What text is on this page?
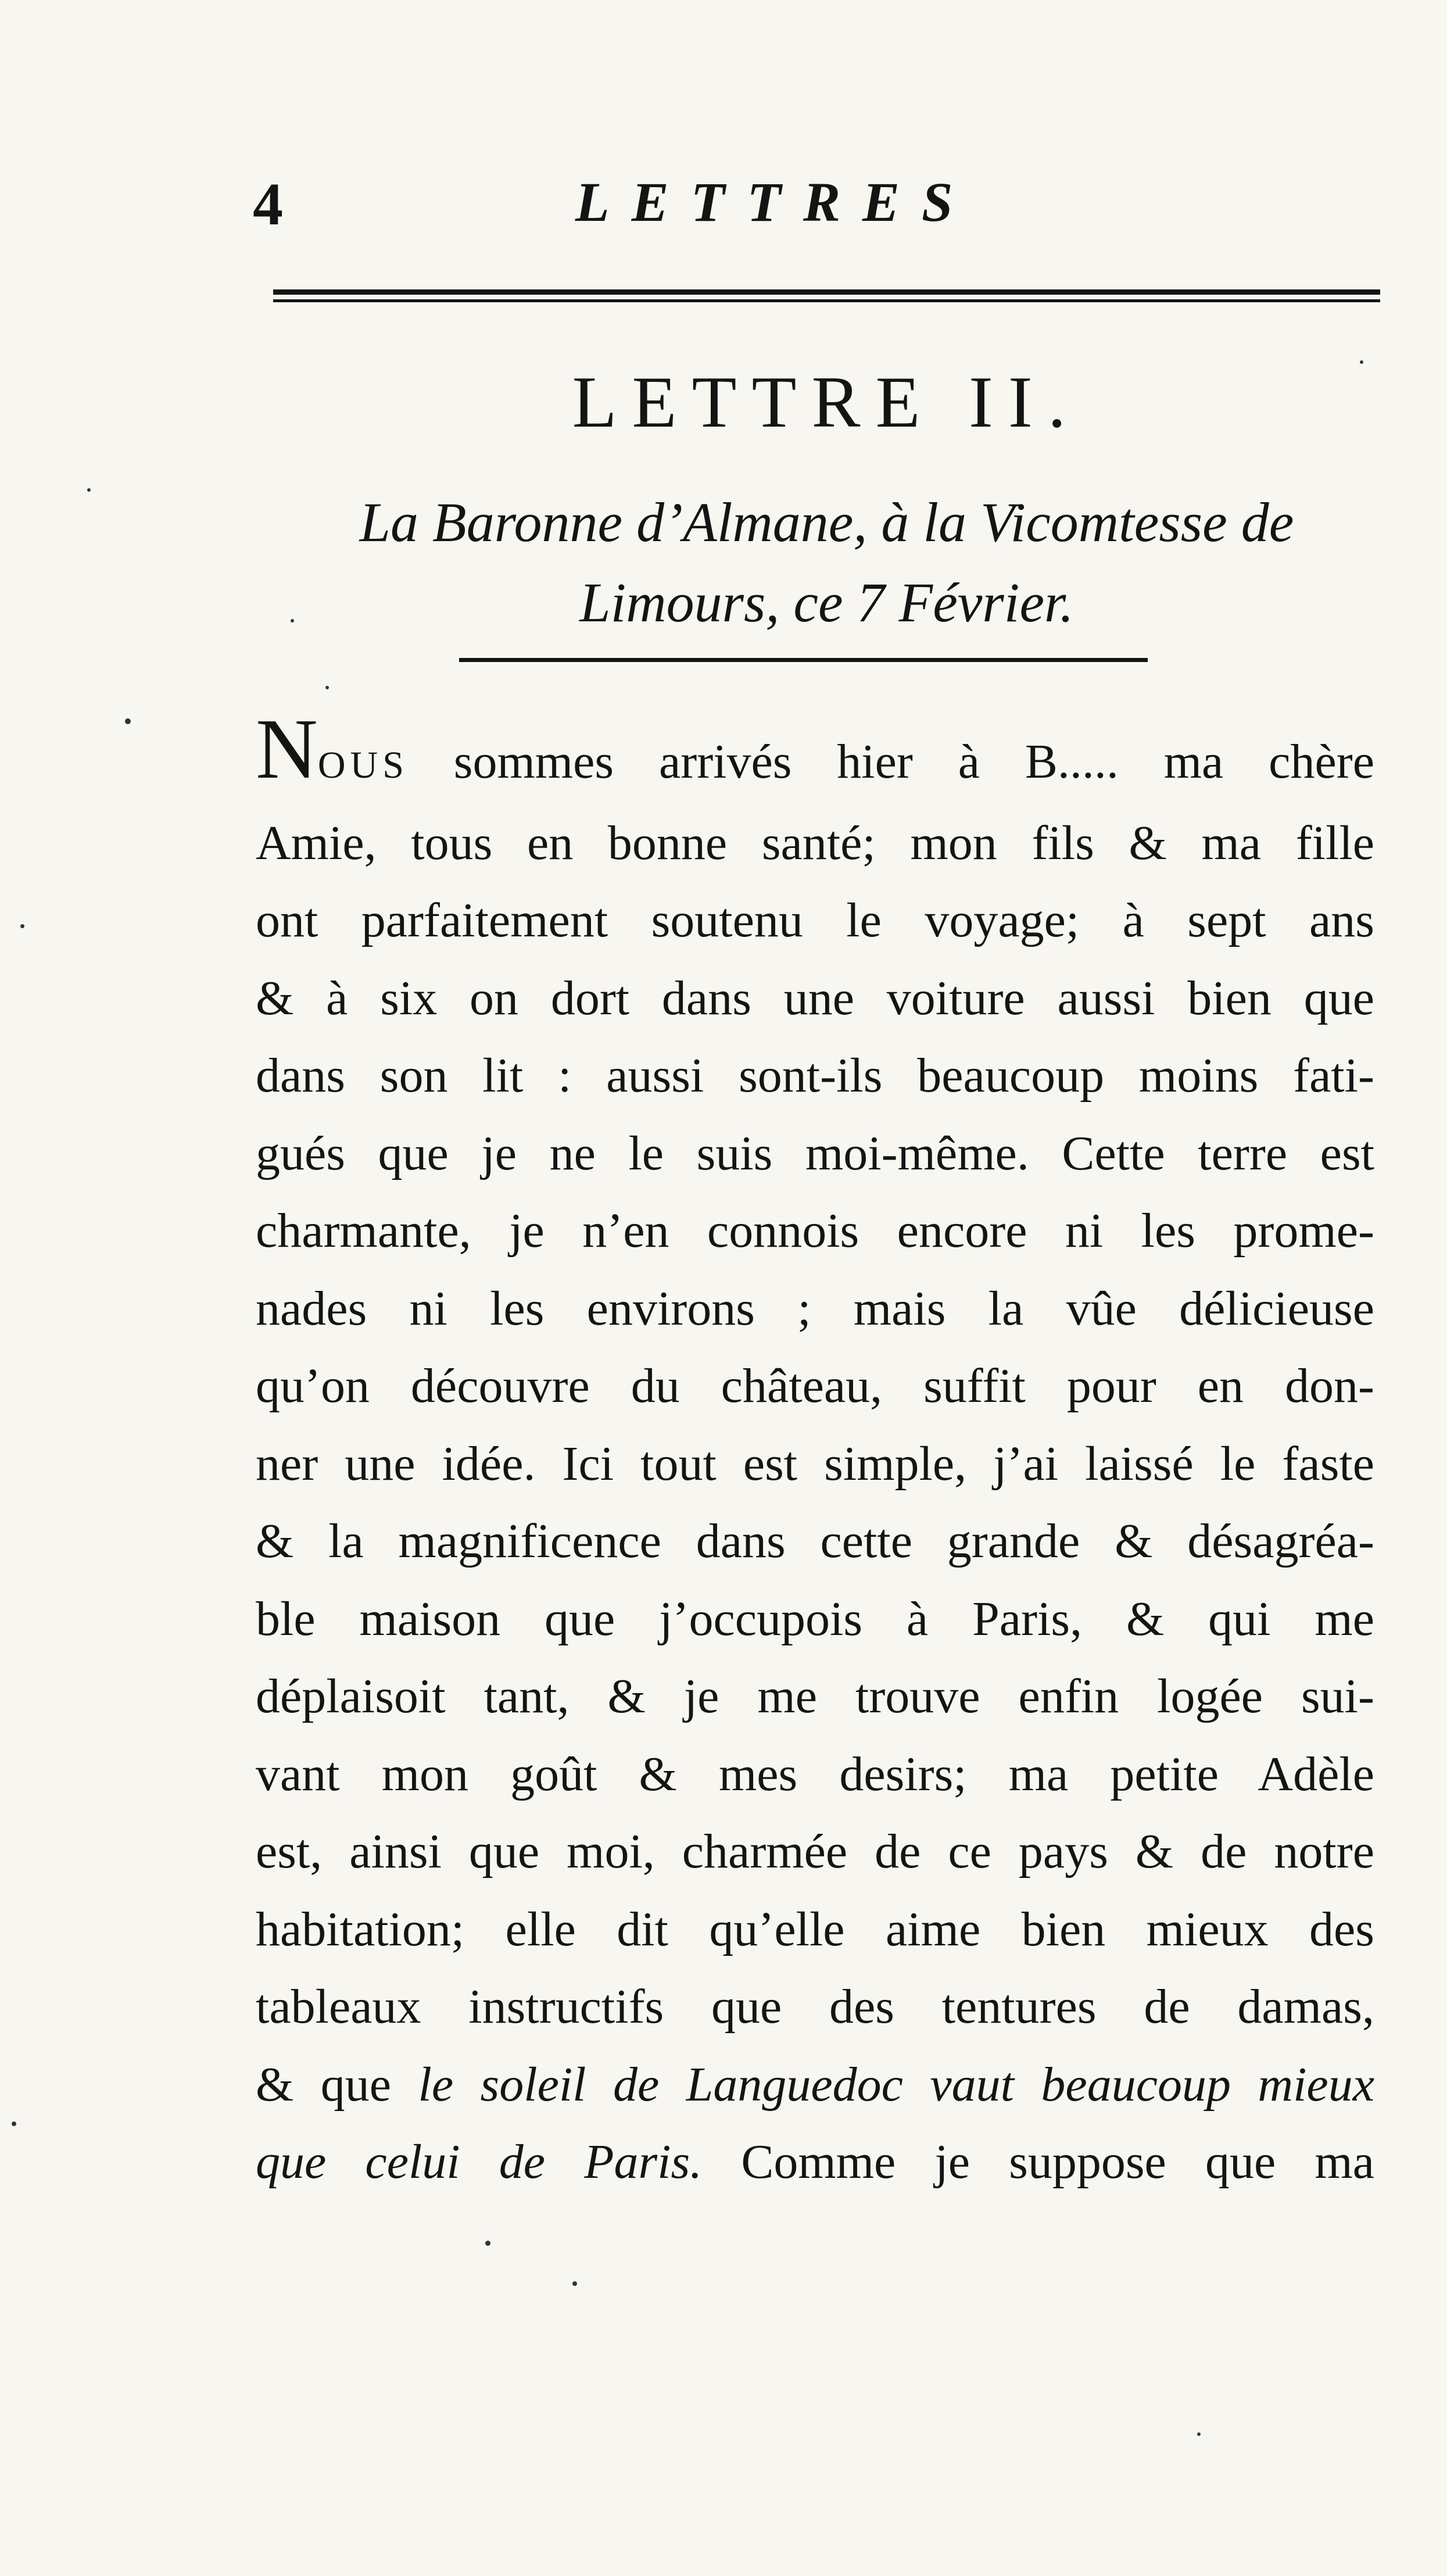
4	LETTRES
LETTRE II.
La Baronne d’Almane, à la Vicomtesse de
Limours, ce 7 Février.
NOUS sommes arrivés hier à B..... ma chère
Amie, tous en bonne santé; mon fils & ma fille
ont parfaitement soutenu le voyage; à sept ans
& à six on dort dans une voiture aussi bien que
dans son lit : aussi sont-ils beaucoup moins fati-
gués que je ne le suis moi-même. Cette terre est
charmante, je n’en connois encore ni les prome-
nades ni les environs ; mais la vûe délicieuse
qu’on découvre du château, suffit pour en don-
ner une idée. Ici tout est simple, j’ai laissé le faste
& la magnificence dans cette grande & désagréa-
ble maison que j’occupois à Paris, & qui me
déplaisoit tant, & je me trouve enfin logée sui-
vant mon goût & mes desirs; ma petite Adèle
est, ainsi que moi, charmée de ce pays & de notre
habitation; elle dit qu’elle aime bien mieux des
tableaux instructifs que des tentures de damas,
& que le soleil de Languedoc vaut beaucoup mieux
que celui de Paris. Comme je suppose que ma
